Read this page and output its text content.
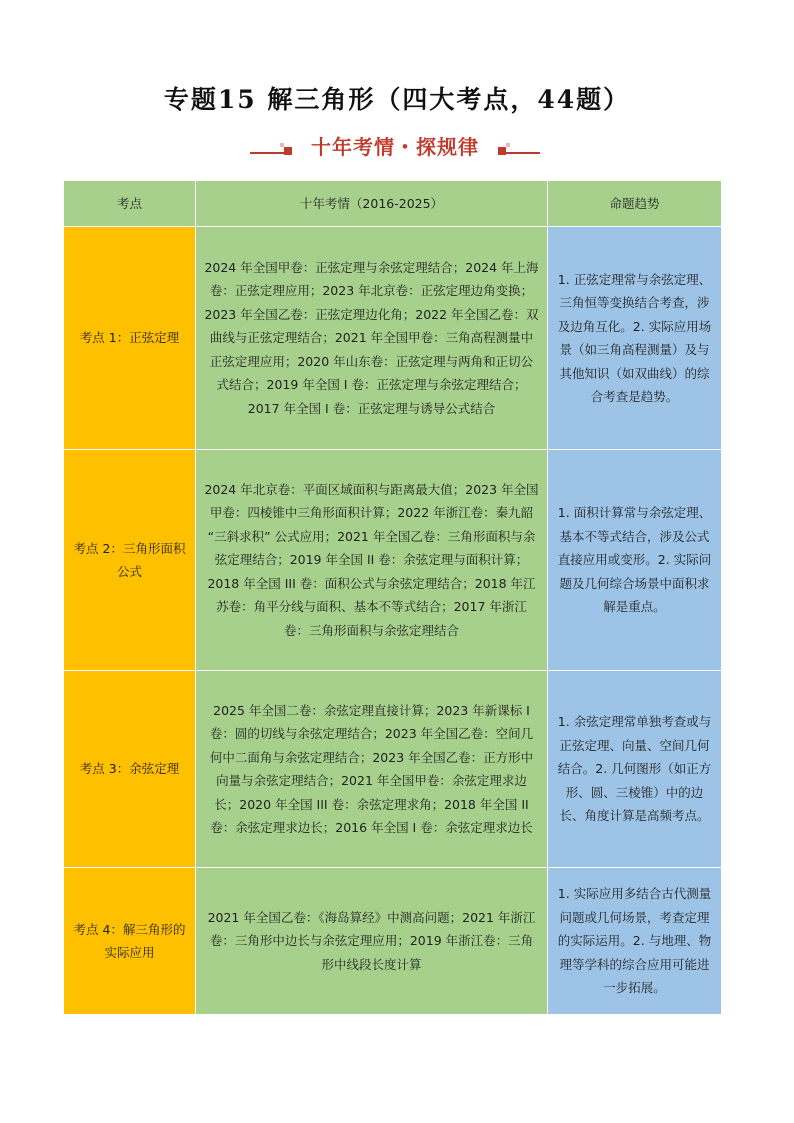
专题15 解三角形（四大考点，44题）
十年考情・探规律
考点	十年考情（2016-2025）	命题趋势
考点 1：正弦定理	2024 年全国甲卷：正弦定理与余弦定理结合；2024 年上海卷：正弦定理应用；2023 年北京卷：正弦定理边角变换；2023 年全国乙卷：正弦定理边化角；2022 年全国乙卷：双曲线与正弦定理结合；2021 年全国甲卷：三角高程测量中正弦定理应用；2020 年山东卷：正弦定理与两角和正切公式结合；2019 年全国 Ⅰ 卷：正弦定理与余弦定理结合；2017 年全国 Ⅰ 卷：正弦定理与诱导公式结合	1. 正弦定理常与余弦定理、三角恒等变换结合考查，涉及边角互化。2. 实际应用场景（如三角高程测量）及与其他知识（如双曲线）的综合考查是趋势。
考点 2：三角形面积公式	2024 年北京卷：平面区域面积与距离最大值；2023 年全国甲卷：四棱锥中三角形面积计算；2022 年浙江卷：秦九韶 “三斜求积” 公式应用；2021 年全国乙卷：三角形面积与余弦定理结合；2019 年全国 II 卷：余弦定理与面积计算；2018 年全国 III 卷：面积公式与余弦定理结合；2018 年江苏卷：角平分线与面积、基本不等式结合；2017 年浙江卷：三角形面积与余弦定理结合	1. 面积计算常与余弦定理、基本不等式结合，涉及公式直接应用或变形。2. 实际问题及几何综合场景中面积求解是重点。
考点 3：余弦定理	2025 年全国二卷：余弦定理直接计算；2023 年新课标 Ⅰ 卷：圆的切线与余弦定理结合；2023 年全国乙卷：空间几何中二面角与余弦定理结合；2023 年全国乙卷：正方形中向量与余弦定理结合；2021 年全国甲卷：余弦定理求边长；2020 年全国 III 卷：余弦定理求角；2018 年全国 II 卷：余弦定理求边长；2016 年全国 Ⅰ 卷：余弦定理求边长	1. 余弦定理常单独考查或与正弦定理、向量、空间几何结合。2. 几何图形（如正方形、圆、三棱锥）中的边长、角度计算是高频考点。
考点 4：解三角形的实际应用	2021 年全国乙卷：《海岛算经》中测高问题；2021 年浙江卷：三角形中边长与余弦定理应用；2019 年浙江卷：三角形中线段长度计算	1. 实际应用多结合古代测量问题或几何场景，考查定理的实际运用。2. 与地理、物理等学科的综合应用可能进一步拓展。
